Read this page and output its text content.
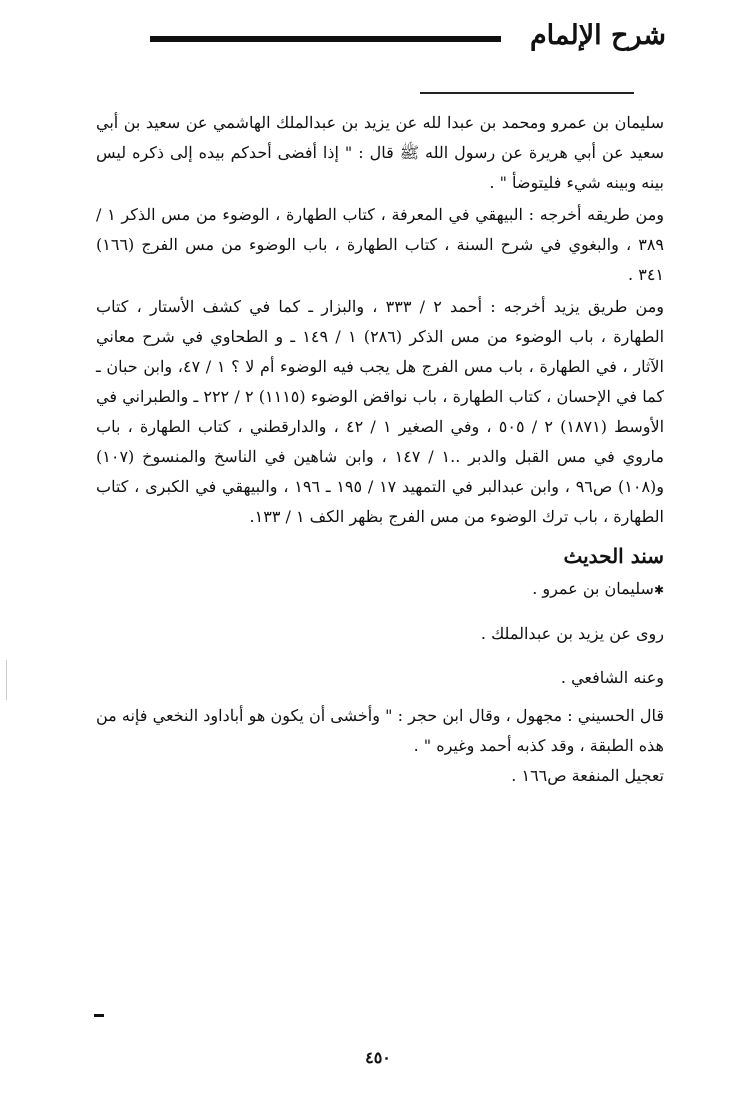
شرح الإلمام

سليمان بن عمرو ومحمد بن عبدا لله عن يزيد بن عبدالملك الهاشمي عن سعيد بن أبي سعيد عن أبي هريرة عن رسول الله ﷺ قال : " إذا أفضى أحدكم بيده إلى ذكره ليس بينه وبينه شيء فليتوضأ " .

ومن طريقه أخرجه : البيهقي في المعرفة ، كتاب الطهارة ، الوضوء من مس الذكر ١ / ٣٨٩ ، والبغوي في شرح السنة ، كتاب الطهارة ، باب الوضوء من مس الفرج (١٦٦) ٣٤١ .

ومن طريق يزيد أخرجه : أحمد ٢ / ٣٣٣ ، والبزار ـ كما في كشف الأستار ، كتاب الطهارة ، باب الوضوء من مس الذكر (٢٨٦) ١ / ١٤٩ ـ و الطحاوي في شرح معاني الآثار ، في الطهارة ، باب مس الفرج هل يجب فيه الوضوء أم لا ؟ ١ / ٤٧، وابن حبان ـ كما في الإحسان ، كتاب الطهارة ، باب نواقض الوضوء (١١١٥) ٢ / ٢٢٢ ـ والطبراني في الأوسط (١٨٧١) ٢ / ٥٠٥ ، وفي الصغير ١ / ٤٢ ، والدارقطني ، كتاب الطهارة ، باب ماروي في مس القبل والدبر ..١ / ١٤٧ ، وابن شاهين في الناسخ والمنسوخ (١٠٧) و(١٠٨) ص٩٦ ، وابن عبدالبر في التمهيد ١٧ / ١٩٥ ـ ١٩٦ ، والبيهقي في الكبرى ، كتاب الطهارة ، باب ترك الوضوء من مس الفرج بظهر الكف ١ / ١٣٣.

سند الحديث

✱ سليمان بن عمرو .

روى عن يزيد بن عبدالملك .

وعنه الشافعي .

قال الحسيني : مجهول ، وقال ابن حجر : " وأخشى أن يكون هو أباداود النخعي فإنه من هذه الطبقة ، وقد كذبه أحمد وغيره " .

تعجيل المنفعة ص١٦٦ .

٤٥٠
